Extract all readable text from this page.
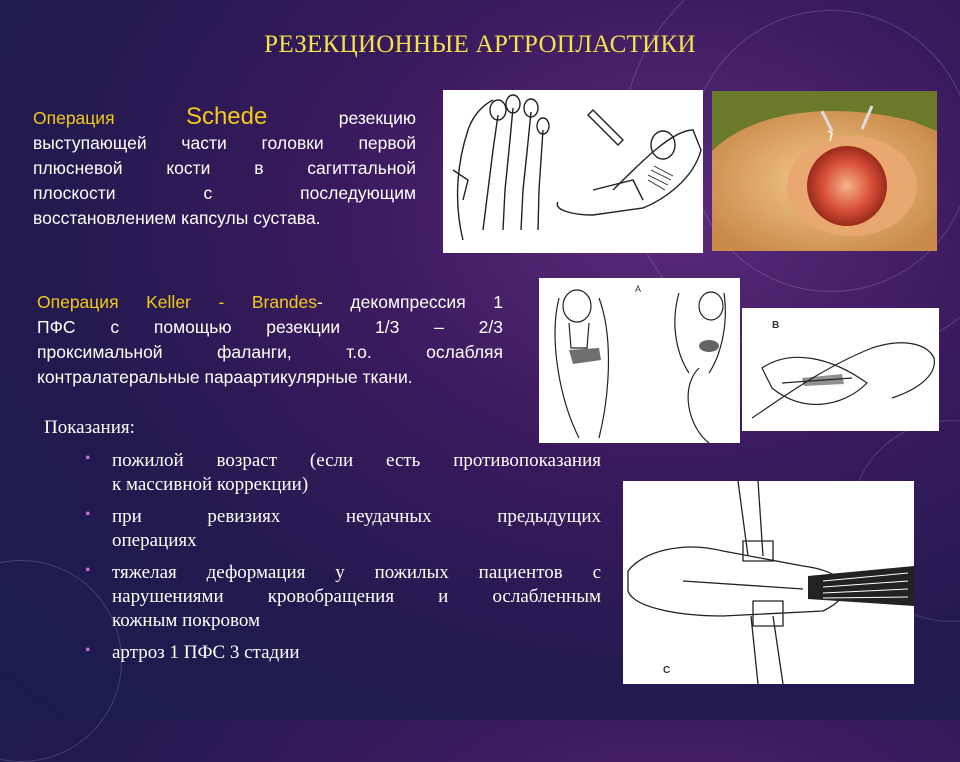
РЕЗЕКЦИОННЫЕ АРТРОПЛАСТИКИ
Операция	Schede	резекцию
выступающей части головки первой
плюсневой кости в сагиттальной
плоскости с последующим
восстановлением капсулы сустава.
Операция Keller - Brandes- декомпрессия 1
ПФС с помощью резекции 1/3 – 2/3
проксимальной фаланги, т.о. ослабляя
контралатеральные параартикулярные ткани.
Показания:
• пожилой возраст (если есть противопоказания
к массивной коррекции)
• при ревизиях неудачных предыдущих
операциях
• тяжелая деформация у пожилых пациентов с
нарушениями кровобращения и ослабленным
кожным покровом
• артроз 1 ПФС 3 стадии
A
B
C
